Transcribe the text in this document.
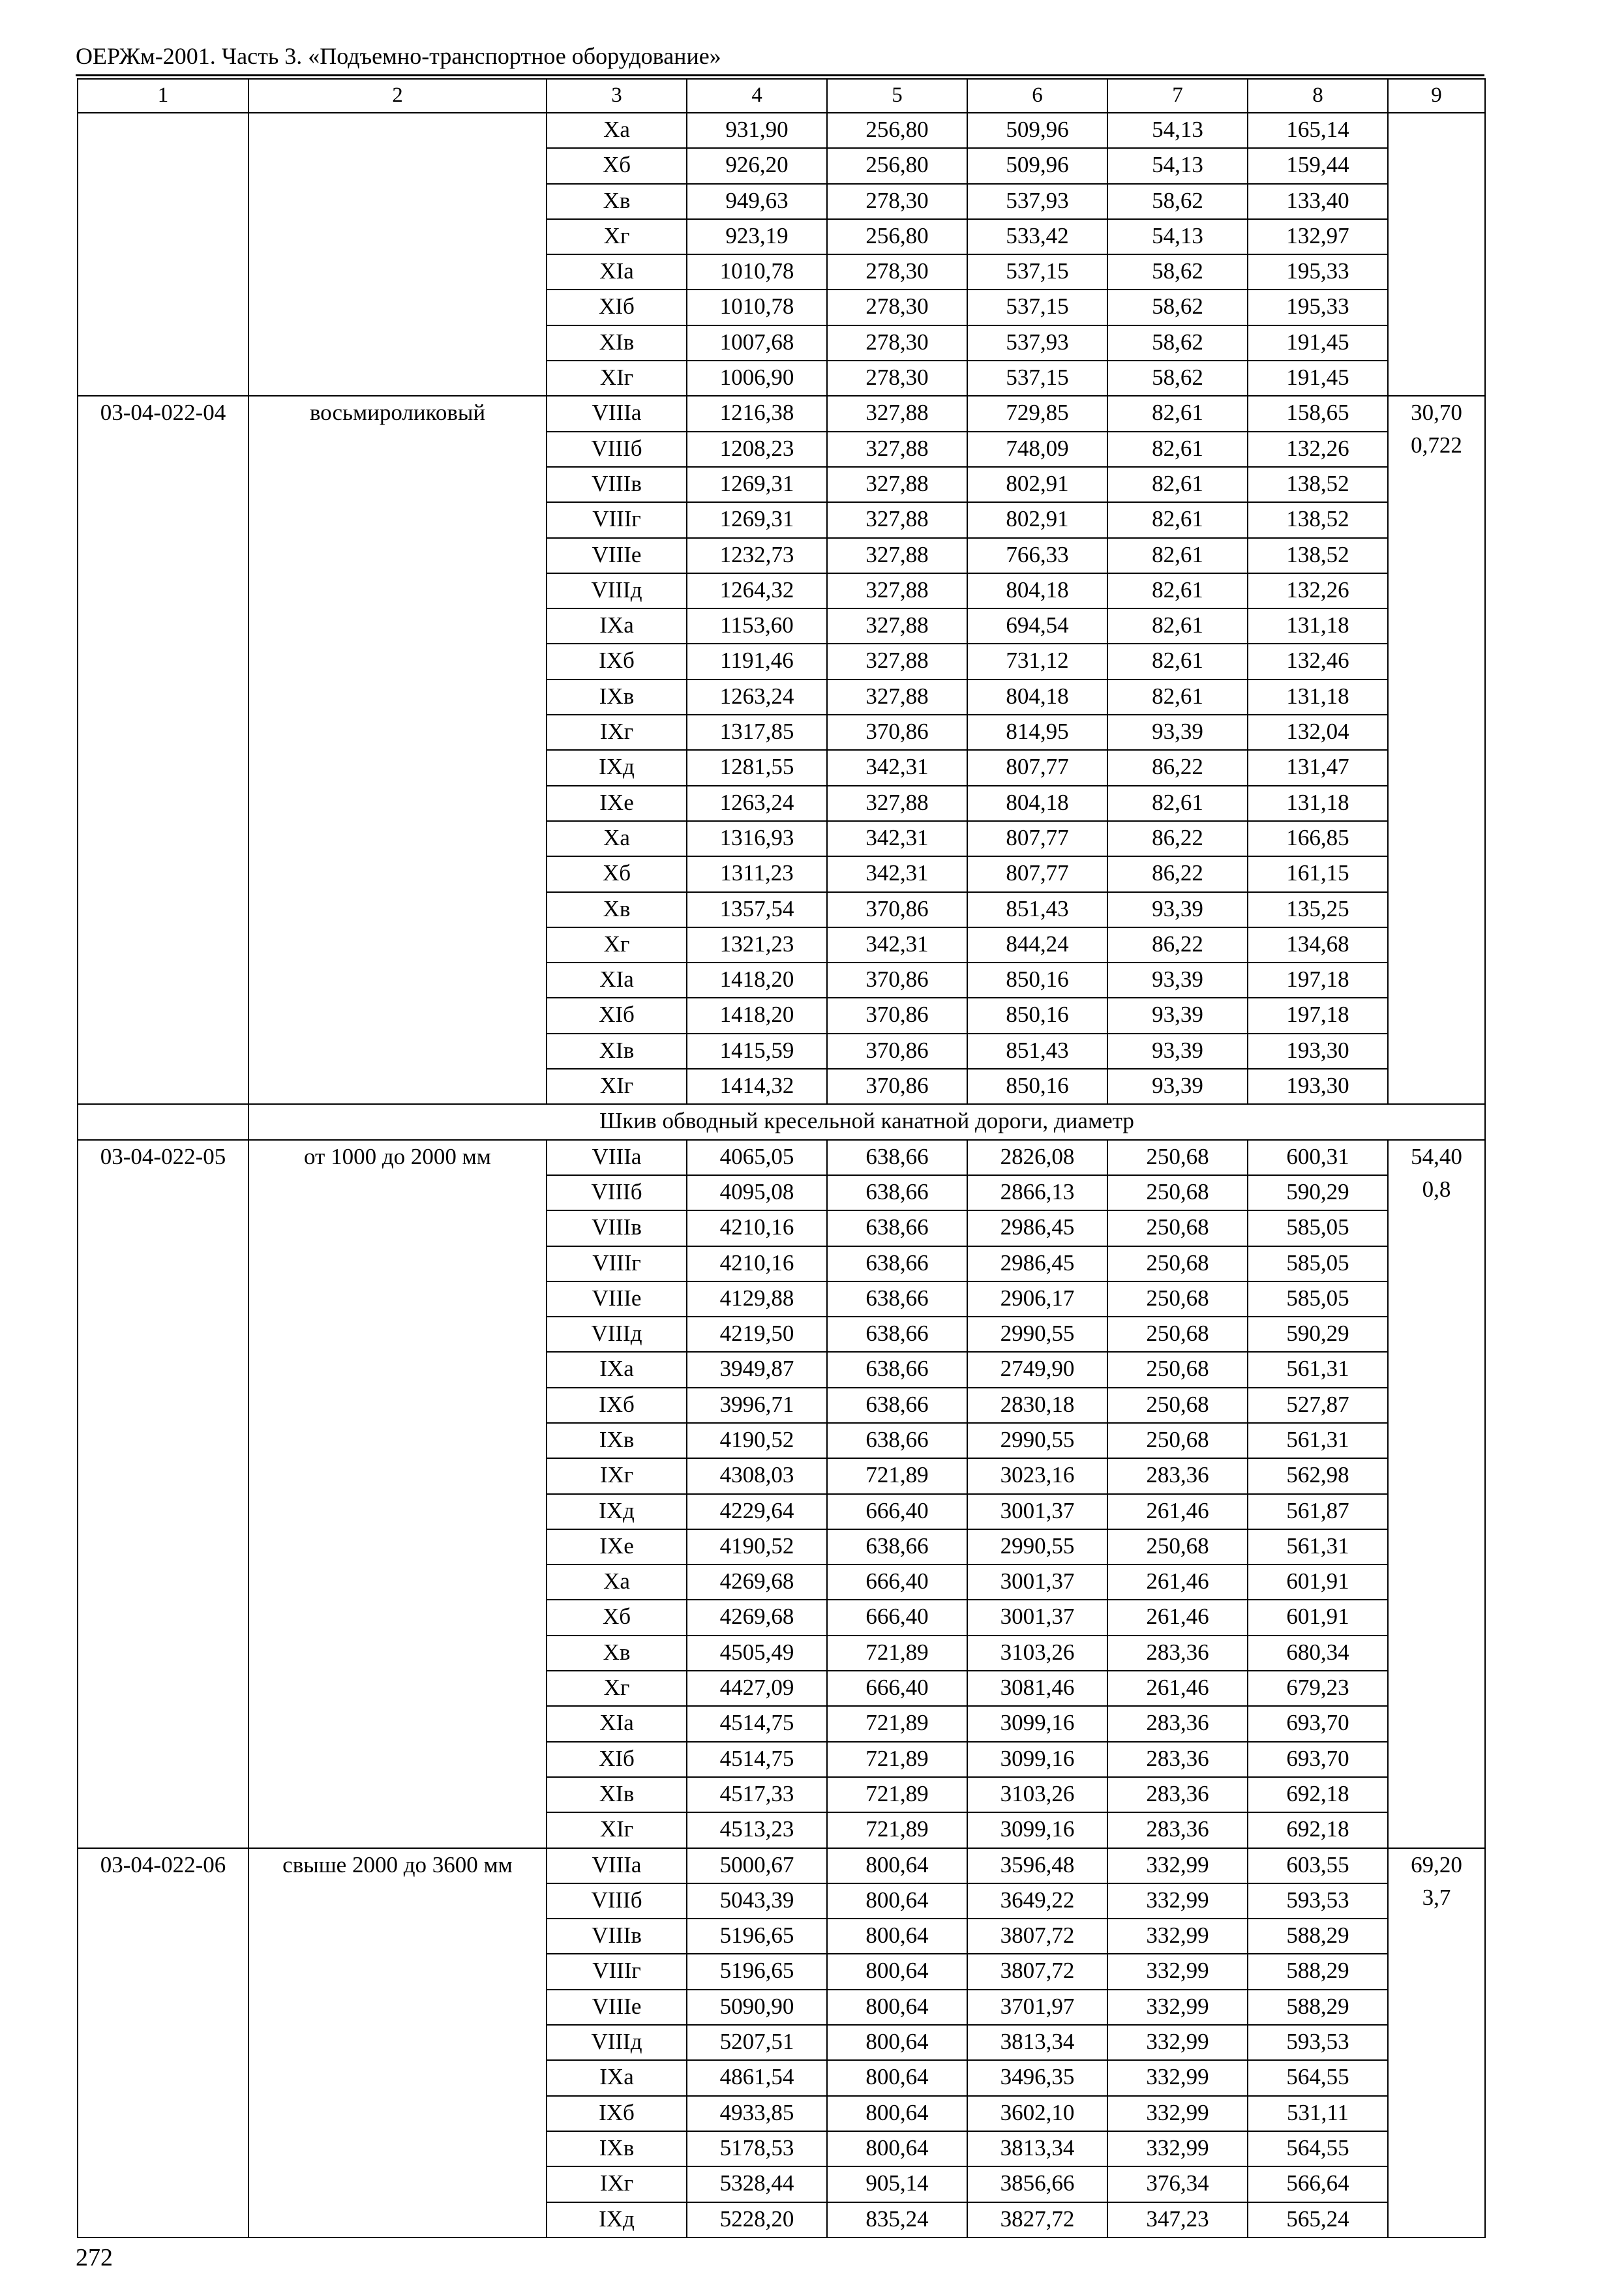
ОЕРЖм-2001. Часть 3. «Подъемно-транспортное оборудование»
1	2	3	4	5	6	7	8	9
		Xа	931,90	256,80	509,96	54,13	165,14	

		Xб	926,20	256,80	509,96	54,13	159,44	
		Xв	949,63	278,30	537,93	58,62	133,40	
		Xг	923,19	256,80	533,42	54,13	132,97	
		XIа	1010,78	278,30	537,15	58,62	195,33	
		XIб	1010,78	278,30	537,15	58,62	195,33	
		XIв	1007,68	278,30	537,93	58,62	191,45	
		XIг	1006,90	278,30	537,15	58,62	191,45	
03-04-022-04	восьмироликовый	VIIIа	1216,38	327,88	729,85	82,61	158,65	30,70
0,722

		VIIIб	1208,23	327,88	748,09	82,61	132,26	
		VIIIв	1269,31	327,88	802,91	82,61	138,52	
		VIIIг	1269,31	327,88	802,91	82,61	138,52	
		VIIIе	1232,73	327,88	766,33	82,61	138,52	
		VIIIд	1264,32	327,88	804,18	82,61	132,26	
		IXа	1153,60	327,88	694,54	82,61	131,18	
		IXб	1191,46	327,88	731,12	82,61	132,46	
		IXв	1263,24	327,88	804,18	82,61	131,18	
		IXг	1317,85	370,86	814,95	93,39	132,04	
		IXд	1281,55	342,31	807,77	86,22	131,47	
		IXе	1263,24	327,88	804,18	82,61	131,18	
		Xа	1316,93	342,31	807,77	86,22	166,85	
		Xб	1311,23	342,31	807,77	86,22	161,15	
		Xв	1357,54	370,86	851,43	93,39	135,25	
		Xг	1321,23	342,31	844,24	86,22	134,68	
		XIа	1418,20	370,86	850,16	93,39	197,18	
		XIб	1418,20	370,86	850,16	93,39	197,18	
		XIв	1415,59	370,86	851,43	93,39	193,30	
		XIг	1414,32	370,86	850,16	93,39	193,30	
	Шкив обводный кресельной канатной дороги, диаметр							
03-04-022-05	от 1000 до 2000 мм	VIIIа	4065,05	638,66	2826,08	250,68	600,31	54,40
0,8

		VIIIб	4095,08	638,66	2866,13	250,68	590,29	
		VIIIв	4210,16	638,66	2986,45	250,68	585,05	
		VIIIг	4210,16	638,66	2986,45	250,68	585,05	
		VIIIе	4129,88	638,66	2906,17	250,68	585,05	
		VIIIд	4219,50	638,66	2990,55	250,68	590,29	
		IXа	3949,87	638,66	2749,90	250,68	561,31	
		IXб	3996,71	638,66	2830,18	250,68	527,87	
		IXв	4190,52	638,66	2990,55	250,68	561,31	
		IXг	4308,03	721,89	3023,16	283,36	562,98	
		IXд	4229,64	666,40	3001,37	261,46	561,87	
		IXе	4190,52	638,66	2990,55	250,68	561,31	
		Xа	4269,68	666,40	3001,37	261,46	601,91	
		Xб	4269,68	666,40	3001,37	261,46	601,91	
		Xв	4505,49	721,89	3103,26	283,36	680,34	
		Xг	4427,09	666,40	3081,46	261,46	679,23	
		XIа	4514,75	721,89	3099,16	283,36	693,70	
		XIб	4514,75	721,89	3099,16	283,36	693,70	
		XIв	4517,33	721,89	3103,26	283,36	692,18	
		XIг	4513,23	721,89	3099,16	283,36	692,18	
03-04-022-06	свыше 2000 до 3600 мм	VIIIа	5000,67	800,64	3596,48	332,99	603,55	69,20
3,7

		VIIIб	5043,39	800,64	3649,22	332,99	593,53	
		VIIIв	5196,65	800,64	3807,72	332,99	588,29	
		VIIIг	5196,65	800,64	3807,72	332,99	588,29	
		VIIIе	5090,90	800,64	3701,97	332,99	588,29	
		VIIIд	5207,51	800,64	3813,34	332,99	593,53	
		IXа	4861,54	800,64	3496,35	332,99	564,55	
		IXб	4933,85	800,64	3602,10	332,99	531,11	
		IXв	5178,53	800,64	3813,34	332,99	564,55	
		IXг	5328,44	905,14	3856,66	376,34	566,64	
		IXд	5228,20	835,24	3827,72	347,23	565,24	
272
